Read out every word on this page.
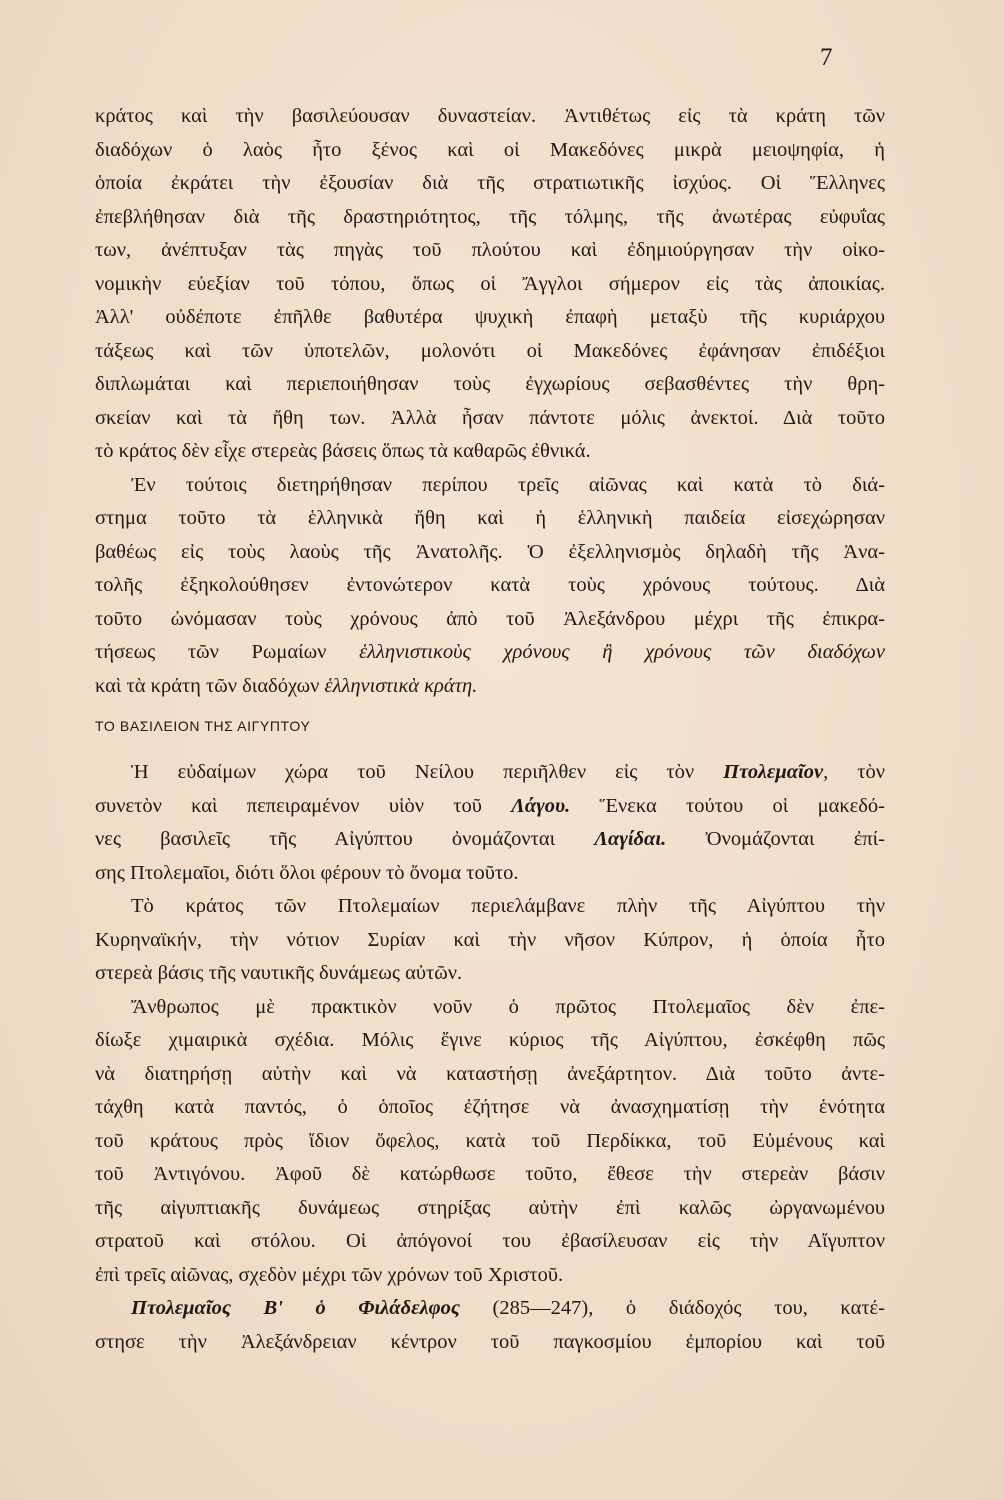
7
κράτος καὶ τὴν βασιλεύουσαν δυναστείαν. Ἀντιθέτως εἰς τὰ κράτη τῶν
διαδόχων ὁ λαὸς ἦτο ξένος καὶ οἱ Μακεδόνες μικρὰ μειοψηφία, ἡ
ὁποία ἐκράτει τὴν ἐξουσίαν διὰ τῆς στρατιωτικῆς ἰσχύος. Οἱ Ἕλληνες
ἐπεβλήθησαν διὰ τῆς δραστηριότητος, τῆς τόλμης, τῆς ἀνωτέρας εὐφυΐας
των, ἀνέπτυξαν τὰς πηγὰς τοῦ πλούτου καὶ ἐδημιούργησαν τὴν οἰκο-
νομικὴν εὐεξίαν τοῦ τόπου, ὅπως οἱ Ἄγγλοι σήμερον εἰς τὰς ἀποικίας.
Ἀλλ' οὐδέποτε ἐπῆλθε βαθυτέρα ψυχικὴ ἐπαφὴ μεταξὺ τῆς κυριάρχου
τάξεως καὶ τῶν ὑποτελῶν, μολονότι οἱ Μακεδόνες ἐφάνησαν ἐπιδέξιοι
διπλωμάται καὶ περιεποιήθησαν τοὺς ἐγχωρίους σεβασθέντες τὴν θρη-
σκείαν καὶ τὰ ἤθη των. Ἀλλὰ ἦσαν πάντοτε μόλις ἀνεκτοί. Διὰ τοῦτο
τὸ κράτος δὲν εἶχε στερεὰς βάσεις ὅπως τὰ καθαρῶς ἐθνικά.
Ἐν τούτοις διετηρήθησαν περίπου τρεῖς αἰῶνας καὶ κατὰ τὸ διά-
στημα τοῦτο τὰ ἑλληνικὰ ἤθη καὶ ἡ ἑλληνικὴ παιδεία εἰσεχώρησαν
βαθέως εἰς τοὺς λαοὺς τῆς Ἀνατολῆς. Ὁ ἐξελληνισμὸς δηλαδὴ τῆς Ἀνα-
τολῆς ἐξηκολούθησεν ἐντονώτερον κατὰ τοὺς χρόνους τούτους. Διὰ
τοῦτο ὠνόμασαν τοὺς χρόνους ἀπὸ τοῦ Ἀλεξάνδρου μέχρι τῆς ἐπικρα-
τήσεως τῶν Ρωμαίων ἑλληνιστικοὺς χρόνους ἢ χρόνους τῶν διαδόχων
καὶ τὰ κράτη τῶν διαδόχων ἑλληνιστικὰ κράτη.
ΤΟ ΒΑΣΙΛΕΙΟΝ ΤΗΣ ΑΙΓΥΠΤΟΥ
Ἡ εὐδαίμων χώρα τοῦ Νείλου περιῆλθεν εἰς τὸν Πτολεμαῖον, τὸν
συνετὸν καὶ πεπειραμένον υἱὸν τοῦ Λάγου. Ἕνεκα τούτου οἱ μακεδό-
νες βασιλεῖς τῆς Αἰγύπτου ὀνομάζονται Λαγίδαι. Ὀνομάζονται ἐπί-
σης Πτολεμαῖοι, διότι ὅλοι φέρουν τὸ ὄνομα τοῦτο.
Τὸ κράτος τῶν Πτολεμαίων περιελάμβανε πλὴν τῆς Αἰγύπτου τὴν
Κυρηναϊκήν, τὴν νότιον Συρίαν καὶ τὴν νῆσον Κύπρον, ἡ ὁποία ἦτο
στερεὰ βάσις τῆς ναυτικῆς δυνάμεως αὐτῶν.
Ἄνθρωπος μὲ πρακτικὸν νοῦν ὁ πρῶτος Πτολεμαῖος δὲν ἐπε-
δίωξε χιμαιρικὰ σχέδια. Μόλις ἔγινε κύριος τῆς Αἰγύπτου, ἐσκέφθη πῶς
νὰ διατηρήσῃ αὐτὴν καὶ νὰ καταστήσῃ ἀνεξάρτητον. Διὰ τοῦτο ἀντε-
τάχθη κατὰ παντός, ὁ ὁποῖος ἐζήτησε νὰ ἀνασχηματίσῃ τὴν ἑνότητα
τοῦ κράτους πρὸς ἴδιον ὄφελος, κατὰ τοῦ Περδίκκα, τοῦ Εὐμένους καὶ
τοῦ Ἀντιγόνου. Ἀφοῦ δὲ κατώρθωσε τοῦτο, ἔθεσε τὴν στερεὰν βάσιν
τῆς αἰγυπτιακῆς δυνάμεως στηρίξας αὐτὴν ἐπὶ καλῶς ὠργανωμένου
στρατοῦ καὶ στόλου. Οἱ ἀπόγονοί του ἐβασίλευσαν εἰς τὴν Αἴγυπτον
ἐπὶ τρεῖς αἰῶνας, σχεδὸν μέχρι τῶν χρόνων τοῦ Χριστοῦ.
Πτολεμαῖος Β' ὁ Φιλάδελφος (285—247), ὁ διάδοχός του, κατέ-
στησε τὴν Ἀλεξάνδρειαν κέντρον τοῦ παγκοσμίου ἐμπορίου καὶ τοῦ
